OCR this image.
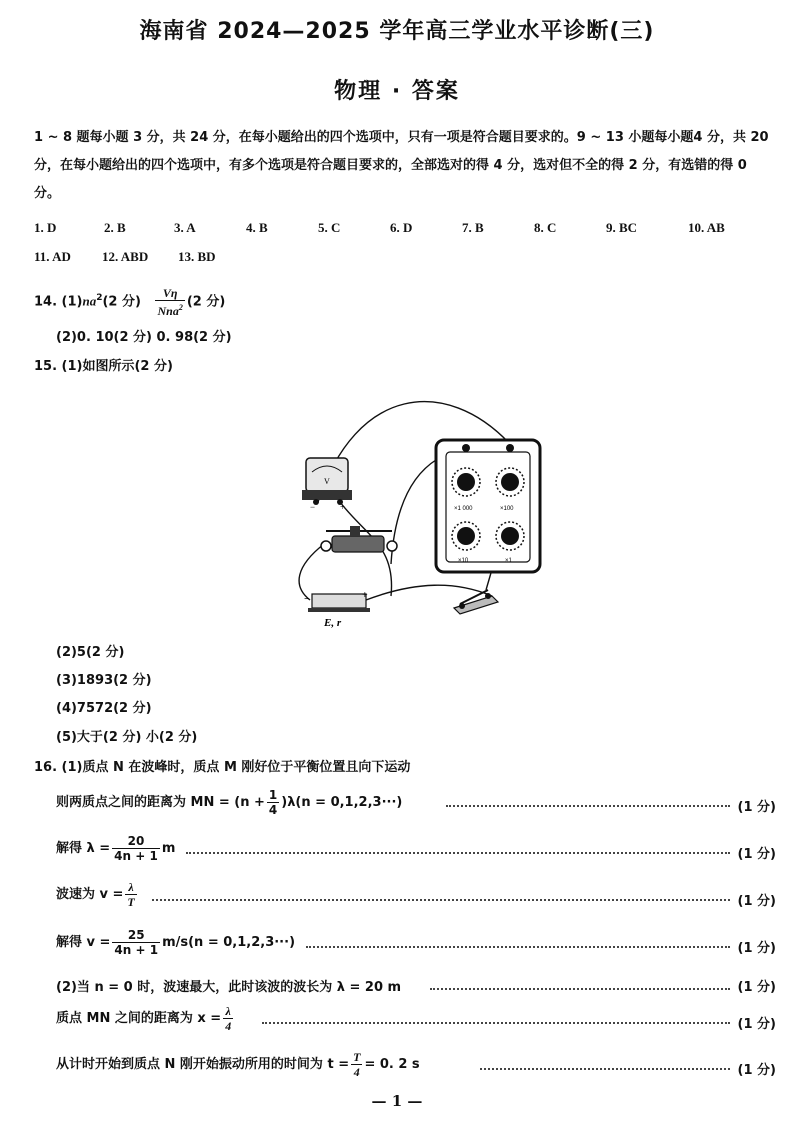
海南省 2024—2025 学年高三学业水平诊断(三)
物理 · 答案
1 ~ 8 题每小题 3 分，共 24 分，在每小题给出的四个选项中，只有一项是符合题目要求的。9 ~ 13 小题每小题4 分，共 20 分，在每小题给出的四个选项中，有多个选项是符合题目要求的，全部选对的得 4 分，选对但不全的得 2 分，有选错的得 0 分。
1. D	2. B	3. A	4. B	5. C	6. D	7. B	8. C	9. BC	10. AB
11. AD 12. ABD 13. BD
14. $(1)na^2(2$ 分) $\frac{V\eta}{Nna^2} (2$ 分)
(2)0. 10(2 分) 0. 98(2 分)
15. (1)如图所示(2 分)
V
−	+
+
−
E, r
×1 000	×100
×10	×1
(2)5(2 分)
(3)1893(2 分)
(4)7572(2 分)
(5)大于(2 分) 小(2 分)
16. (1)质点 N 在波峰时，质点 M 刚好位于平衡位置且向下运动
则两质点之间的距离为 MN = $(n + \frac{1}{4} )\lambda(n = 0,1,2,3\cdot\cdot\cdot)$	(1 分)
解得 $\lambda = \frac{20}{4n + 1}$ m	(1 分)
波速为 $v = \frac{\lambda}{T}$	(1 分)
解得 $v = \frac{25}{4n + 1} m/s(n = 0,1,2,3\cdot\cdot\cdot)$	(1 分)
(2)当 n = 0 时，波速最大，此时该波的波长为 λ = 20 m	(1 分)
质点 MN 之间的距离为 $x = \frac{\lambda}{4}$	(1 分)
从计时开始到质点 N 刚开始振动所用的时间为 $t = \frac{T}{4} = 0$. 2 s	(1 分)
— 1 —
